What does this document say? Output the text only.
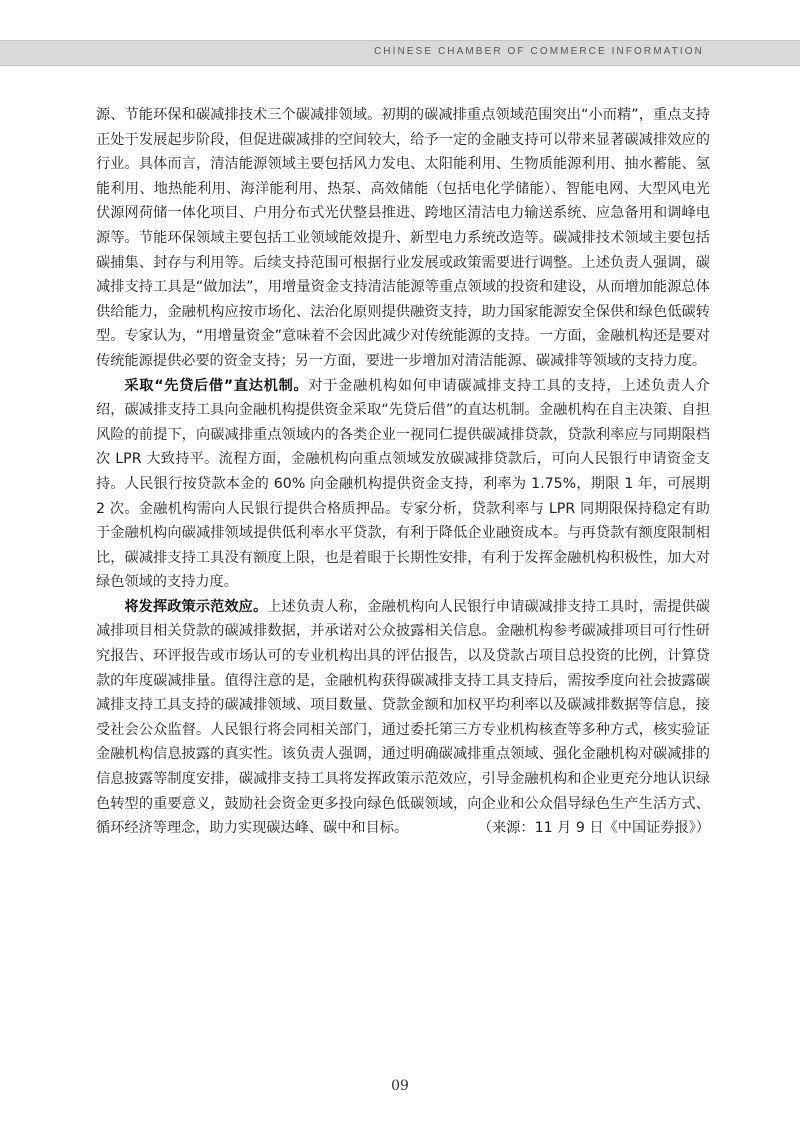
CHINESE CHAMBER OF COMMERCE INFORMATION

源、节能环保和碳减排技术三个碳减排领域。初期的碳减排重点领域范围突出“小而精”，重点支持正处于发展起步阶段，但促进碳减排的空间较大，给予一定的金融支持可以带来显著碳减排效应的行业。具体而言，清洁能源领域主要包括风力发电、太阳能利用、生物质能源利用、抽水蓄能、氢能利用、地热能利用、海洋能利用、热泵、高效储能（包括电化学储能）、智能电网、大型风电光伏源网荷储一体化项目、户用分布式光伏整县推进、跨地区清洁电力输送系统、应急备用和调峰电源等。节能环保领域主要包括工业领域能效提升、新型电力系统改造等。碳减排技术领域主要包括碳捕集、封存与利用等。后续支持范围可根据行业发展或政策需要进行调整。上述负责人强调，碳减排支持工具是“做加法”，用增量资金支持清洁能源等重点领域的投资和建设，从而增加能源总体供给能力，金融机构应按市场化、法治化原则提供融资支持，助力国家能源安全保供和绿色低碳转型。专家认为，“用增量资金”意味着不会因此减少对传统能源的支持。一方面，金融机构还是要对传统能源提供必要的资金支持；另一方面，要进一步增加对清洁能源、碳减排等领域的支持力度。

采取“先贷后借”直达机制。对于金融机构如何申请碳减排支持工具的支持，上述负责人介绍，碳减排支持工具向金融机构提供资金采取“先贷后借”的直达机制。金融机构在自主决策、自担风险的前提下，向碳减排重点领域内的各类企业一视同仁提供碳减排贷款，贷款利率应与同期限档次 LPR 大致持平。流程方面，金融机构向重点领域发放碳减排贷款后，可向人民银行申请资金支持。人民银行按贷款本金的 60% 向金融机构提供资金支持，利率为 1.75%，期限 1 年，可展期 2 次。金融机构需向人民银行提供合格质押品。专家分析，贷款利率与 LPR 同期限保持稳定有助于金融机构向碳减排领域提供低利率水平贷款，有利于降低企业融资成本。与再贷款有额度限制相比，碳减排支持工具没有额度上限，也是着眼于长期性安排，有利于发挥金融机构积极性，加大对绿色领域的支持力度。

将发挥政策示范效应。上述负责人称，金融机构向人民银行申请碳减排支持工具时，需提供碳减排项目相关贷款的碳减排数据，并承诺对公众披露相关信息。金融机构参考碳减排项目可行性研究报告、环评报告或市场认可的专业机构出具的评估报告，以及贷款占项目总投资的比例，计算贷款的年度碳减排量。值得注意的是，金融机构获得碳减排支持工具支持后，需按季度向社会披露碳减排支持工具支持的碳减排领域、项目数量、贷款金额和加权平均利率以及碳减排数据等信息，接受社会公众监督。人民银行将会同相关部门，通过委托第三方专业机构核查等多种方式，核实验证金融机构信息披露的真实性。该负责人强调，通过明确碳减排重点领域、强化金融机构对碳减排的信息披露等制度安排，碳减排支持工具将发挥政策示范效应，引导金融机构和企业更充分地认识绿色转型的重要意义，鼓励社会资金更多投向绿色低碳领域，向企业和公众倡导绿色生产生活方式、循环经济等理念，助力实现碳达峰、碳中和目标。	（来源：11 月 9 日《中国证券报》）

09
